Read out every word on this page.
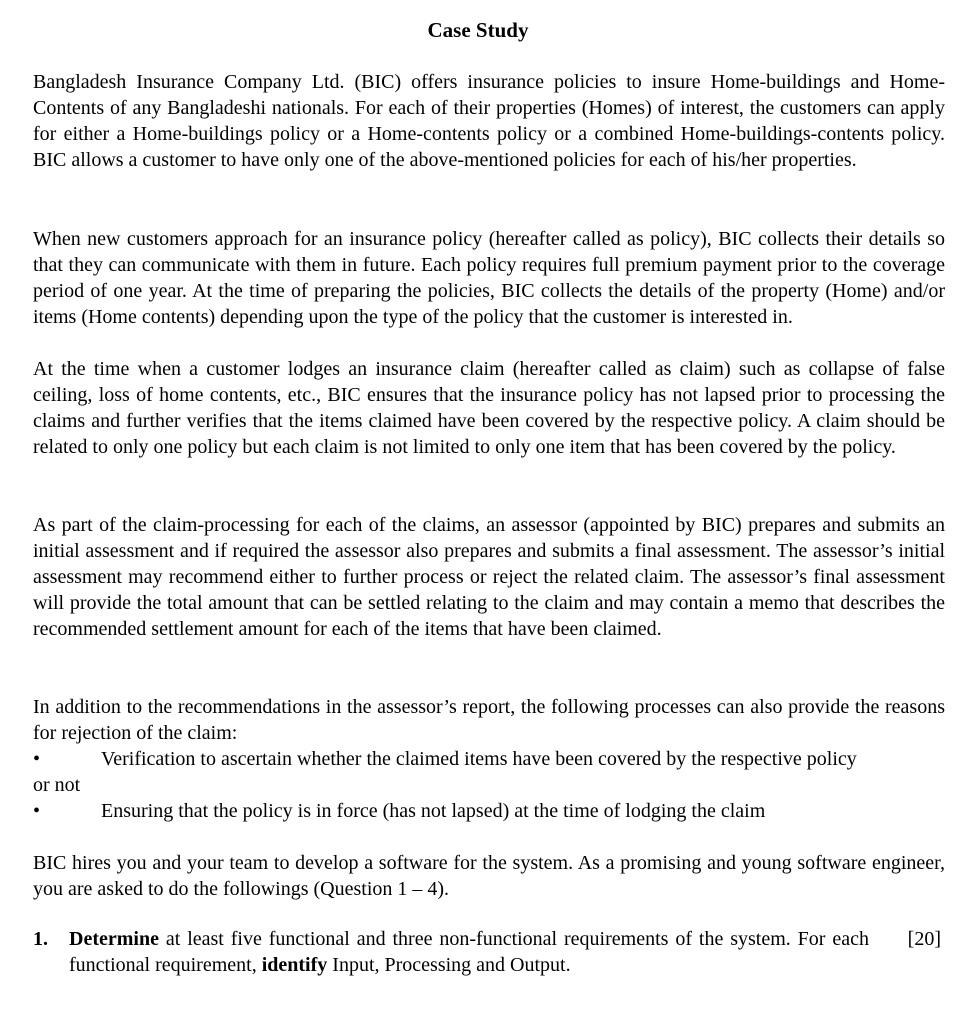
Case Study

Bangladesh Insurance Company Ltd. (BIC) offers insurance policies to insure Home-buildings and Home-Contents of any Bangladeshi nationals. For each of their properties (Homes) of interest, the customers can apply for either a Home-buildings policy or a Home-contents policy or a combined Home-buildings-contents policy. BIC allows a customer to have only one of the above-mentioned policies for each of his/her properties.

When new customers approach for an insurance policy (hereafter called as policy), BIC collects their details so that they can communicate with them in future. Each policy requires full premium payment prior to the coverage period of one year. At the time of preparing the policies, BIC collects the details of the property (Home) and/or items (Home contents) depending upon the type of the policy that the customer is interested in.

At the time when a customer lodges an insurance claim (hereafter called as claim) such as collapse of false ceiling, loss of home contents, etc., BIC ensures that the insurance policy has not lapsed prior to processing the claims and further verifies that the items claimed have been covered by the respective policy. A claim should be related to only one policy but each claim is not limited to only one item that has been covered by the policy.

As part of the claim-processing for each of the claims, an assessor (appointed by BIC) prepares and submits an initial assessment and if required the assessor also prepares and submits a final assessment. The assessor’s initial assessment may recommend either to further process or reject the related claim. The assessor’s final assessment will provide the total amount that can be settled relating to the claim and may contain a memo that describes the recommended settlement amount for each of the items that have been claimed.

In addition to the recommendations in the assessor’s report, the following processes can also provide the reasons for rejection of the claim:

•	Verification to ascertain whether the claimed items have been covered by the respective policy
or not
•	Ensuring that the policy is in force (has not lapsed) at the time of lodging the claim

BIC hires you and your team to develop a software for the system. As a promising and young software engineer, you are asked to do the followings (Question 1 – 4).

1. Determine at least five functional and three non-functional requirements of the system. For each functional requirement, identify Input, Processing and Output.
[20]
